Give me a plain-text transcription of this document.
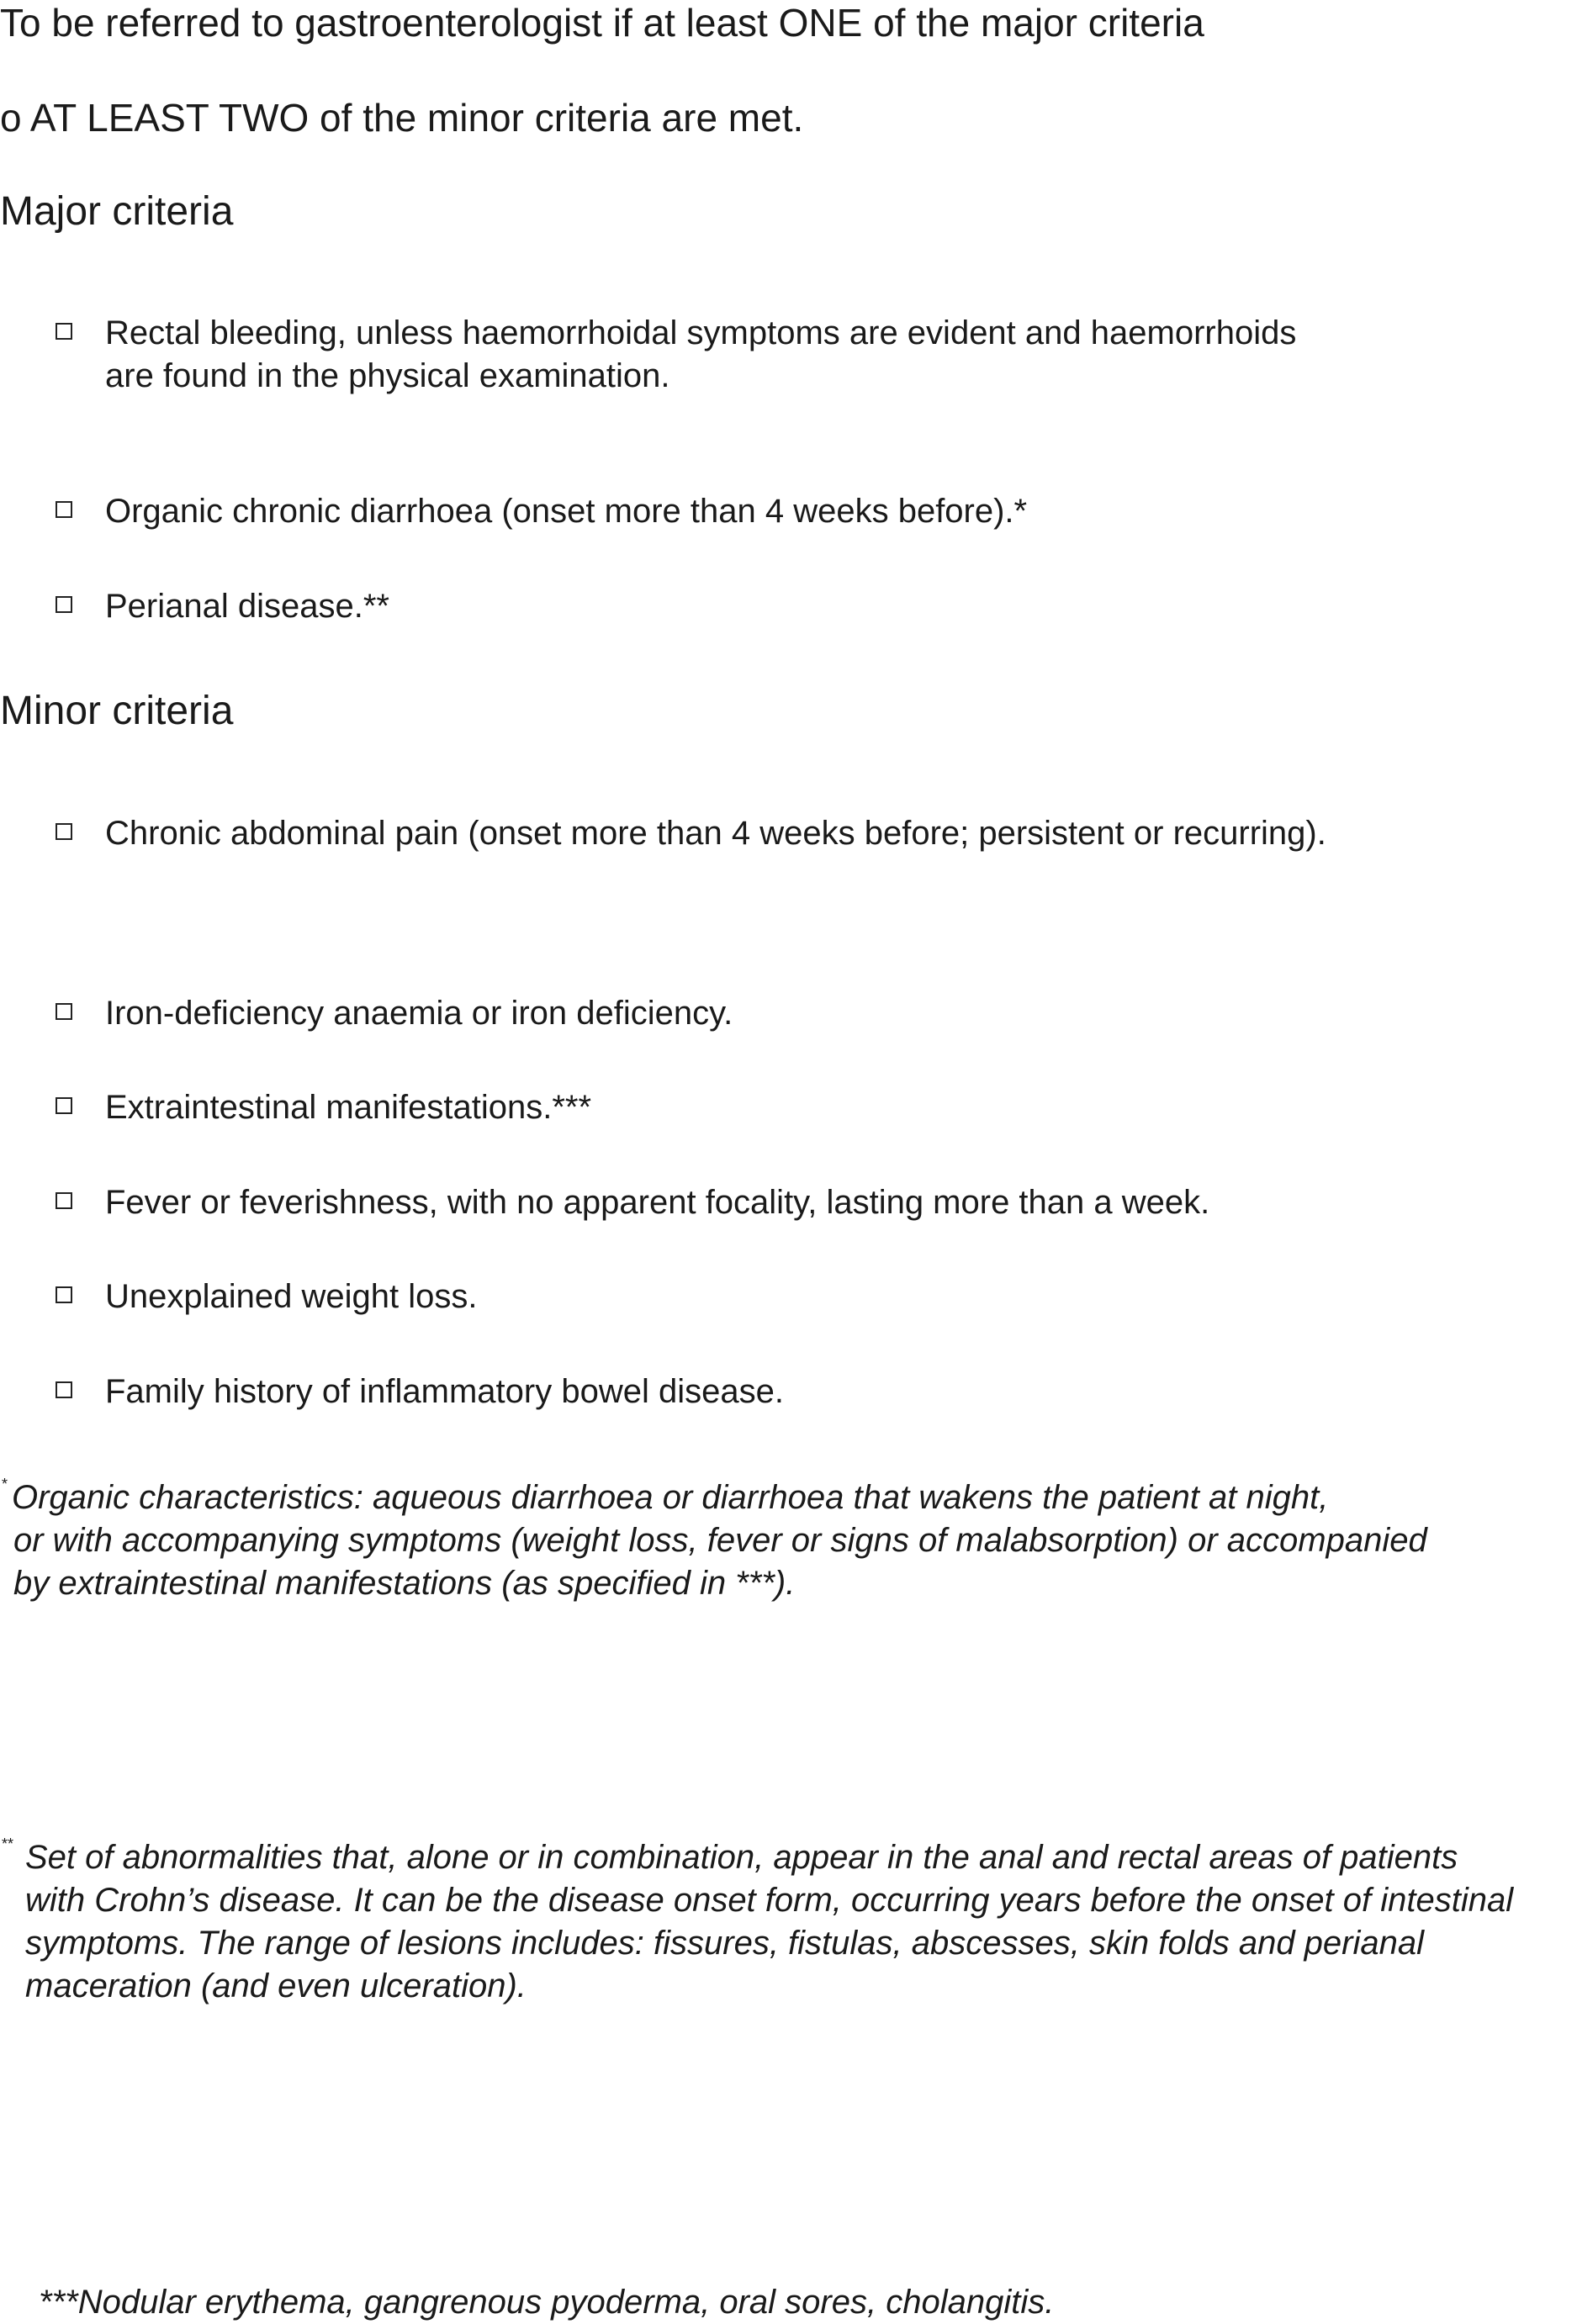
To be referred to gastroenterologist if at least ONE of the major criteria
o AT LEAST TWO of the minor criteria are met.
Major criteria
Rectal bleeding, unless haemorrhoidal symptoms are evident and haemorrhoids
are found in the physical examination.
Organic chronic diarrhoea (onset more than 4 weeks before).*
Perianal disease.**
Minor criteria
Chronic abdominal pain (onset more than 4 weeks before; persistent or recurring).
Iron-deficiency anaemia or iron deficiency.
Extraintestinal manifestations.***
Fever or feverishness, with no apparent focality, lasting more than a week.
Unexplained weight loss.
Family history of inflammatory bowel disease.
* Organic characteristics: aqueous diarrhoea or diarrhoea that wakens the patient at night,
or with accompanying symptoms (weight loss, fever or signs of malabsorption) or accompanied
by extraintestinal manifestations (as specified in ***).
** Set of abnormalities that, alone or in combination, appear in the anal and rectal areas of patients
with Crohn’s disease. It can be the disease onset form, occurring years before the onset of intestinal
symptoms. The range of lesions includes: fissures, fistulas, abscesses, skin folds and perianal
maceration (and even ulceration).
***Nodular erythema, gangrenous pyoderma, oral sores, cholangitis.
